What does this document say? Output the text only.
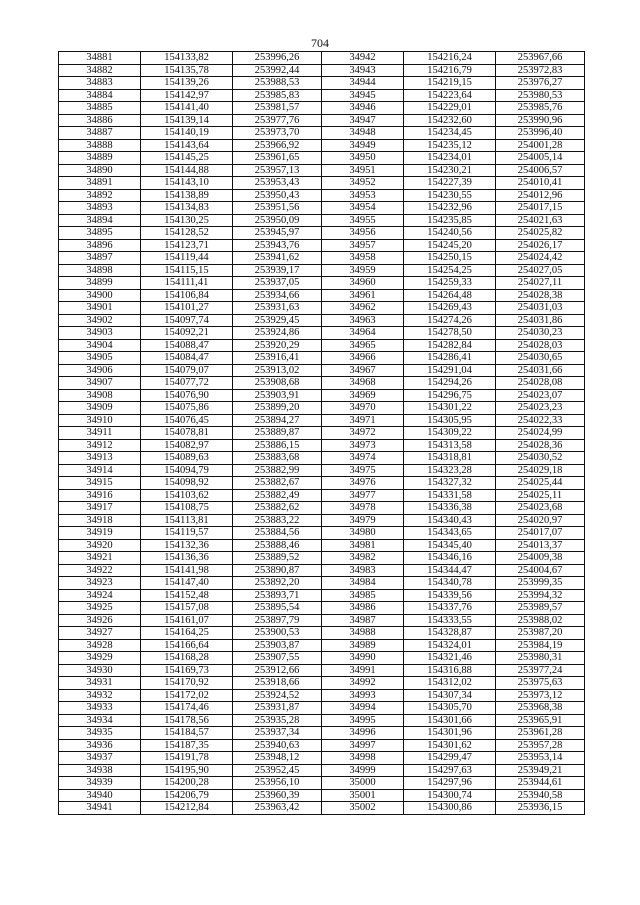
704
34881	154133,82	253996,26	34942	154216,24	253967,66
34882	154135,78	253992,44	34943	154216,79	253972,83
34883	154139,26	253988,53	34944	154219,15	253976,27
34884	154142,97	253985,83	34945	154223,64	253980,53
34885	154141,40	253981,57	34946	154229,01	253985,76
34886	154139,14	253977,76	34947	154232,60	253990,96
34887	154140,19	253973,70	34948	154234,45	253996,40
34888	154143,64	253966,92	34949	154235,12	254001,28
34889	154145,25	253961,65	34950	154234,01	254005,14
34890	154144,88	253957,13	34951	154230,21	254006,57
34891	154143,10	253953,43	34952	154227,39	254010,41
34892	154138,89	253950,43	34953	154230,55	254012,96
34893	154134,83	253951,56	34954	154232,96	254017,15
34894	154130,25	253950,09	34955	154235,85	254021,63
34895	154128,52	253945,97	34956	154240,56	254025,82
34896	154123,71	253943,76	34957	154245,20	254026,17
34897	154119,44	253941,62	34958	154250,15	254024,42
34898	154115,15	253939,17	34959	154254,25	254027,05
34899	154111,41	253937,05	34960	154259,33	254027,11
34900	154106,84	253934,66	34961	154264,48	254028,38
34901	154101,27	253931,63	34962	154269,43	254031,03
34902	154097,74	253929,45	34963	154274,26	254031,86
34903	154092,21	253924,86	34964	154278,50	254030,23
34904	154088,47	253920,29	34965	154282,84	254028,03
34905	154084,47	253916,41	34966	154286,41	254030,65
34906	154079,07	253913,02	34967	154291,04	254031,66
34907	154077,72	253908,68	34968	154294,26	254028,08
34908	154076,90	253903,91	34969	154296,75	254023,07
34909	154075,86	253899,20	34970	154301,22	254023,23
34910	154076,45	253894,27	34971	154305,95	254022,33
34911	154078,81	253889,87	34972	154309,22	254024,99
34912	154082,97	253886,15	34973	154313,58	254028,36
34913	154089,63	253883,68	34974	154318,81	254030,52
34914	154094,79	253882,99	34975	154323,28	254029,18
34915	154098,92	253882,67	34976	154327,32	254025,44
34916	154103,62	253882,49	34977	154331,58	254025,11
34917	154108,75	253882,62	34978	154336,38	254023,68
34918	154113,81	253883,22	34979	154340,43	254020,97
34919	154119,57	253884,56	34980	154343,65	254017,07
34920	154132,36	253888,46	34981	154345,40	254013,37
34921	154136,36	253889,52	34982	154346,16	254009,38
34922	154141,98	253890,87	34983	154344,47	254004,67
34923	154147,40	253892,20	34984	154340,78	253999,35
34924	154152,48	253893,71	34985	154339,56	253994,32
34925	154157,08	253895,54	34986	154337,76	253989,57
34926	154161,07	253897,79	34987	154333,55	253988,02
34927	154164,25	253900,53	34988	154328,87	253987,20
34928	154166,64	253903,87	34989	154324,01	253984,19
34929	154168,28	253907,55	34990	154321,46	253980,31
34930	154169,73	253912,66	34991	154316,88	253977,24
34931	154170,92	253918,66	34992	154312,02	253975,63
34932	154172,02	253924,52	34993	154307,34	253973,12
34933	154174,46	253931,87	34994	154305,70	253968,38
34934	154178,56	253935,28	34995	154301,66	253965,91
34935	154184,57	253937,34	34996	154301,96	253961,28
34936	154187,35	253940,63	34997	154301,62	253957,28
34937	154191,78	253948,12	34998	154299,47	253953,14
34938	154195,90	253952,45	34999	154297,63	253949,21
34939	154200,28	253956,10	35000	154297,96	253944,61
34940	154206,79	253960,39	35001	154300,74	253940,58
34941	154212,84	253963,42	35002	154300,86	253936,15
